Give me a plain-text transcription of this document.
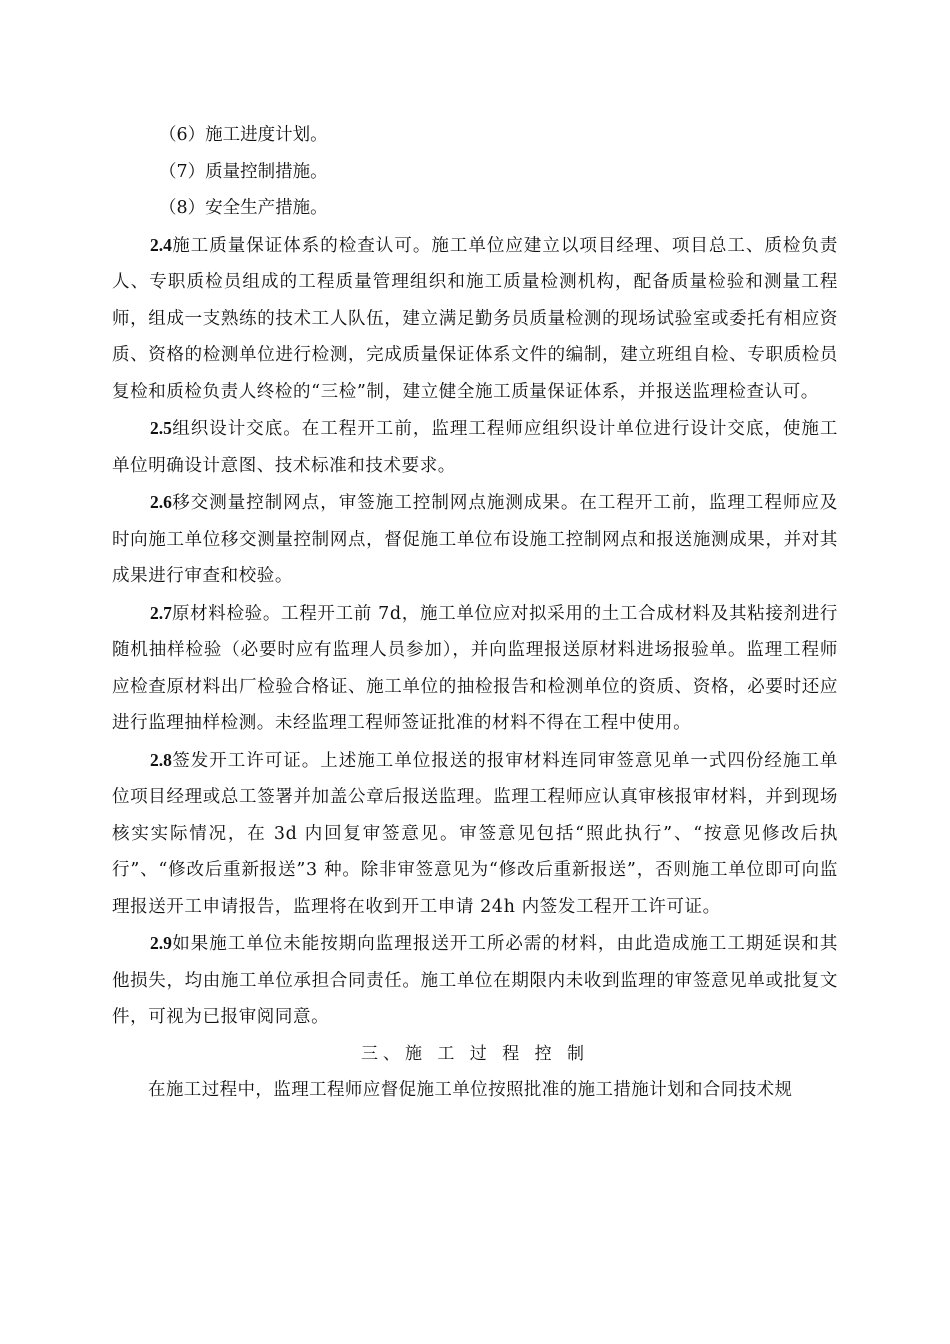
（6）施工进度计划。

（7）质量控制措施。

（8）安全生产措施。

2.4施工质量保证体系的检查认可。施工单位应建立以项目经理、项目总工、质检负责人、专职质检员组成的工程质量管理组织和施工质量检测机构，配备质量检验和测量工程师，组成一支熟练的技术工人队伍，建立满足勤务员质量检测的现场试验室或委托有相应资质、资格的检测单位进行检测，完成质量保证体系文件的编制，建立班组自检、专职质检员复检和质检负责人终检的“三检”制，建立健全施工质量保证体系，并报送监理检查认可。

2.5组织设计交底。在工程开工前，监理工程师应组织设计单位进行设计交底，使施工单位明确设计意图、技术标准和技术要求。

2.6移交测量控制网点，审签施工控制网点施测成果。在工程开工前，监理工程师应及时向施工单位移交测量控制网点，督促施工单位布设施工控制网点和报送施测成果，并对其成果进行审查和校验。

2.7原材料检验。工程开工前 7d，施工单位应对拟采用的土工合成材料及其粘接剂进行随机抽样检验（必要时应有监理人员参加），并向监理报送原材料进场报验单。监理工程师应检查原材料出厂检验合格证、施工单位的抽检报告和检测单位的资质、资格，必要时还应进行监理抽样检测。未经监理工程师签证批准的材料不得在工程中使用。

2.8签发开工许可证。上述施工单位报送的报审材料连同审签意见单一式四份经施工单位项目经理或总工签署并加盖公章后报送监理。监理工程师应认真审核报审材料，并到现场核实实际情况，在 3d 内回复审签意见。审签意见包括“照此执行”、“按意见修改后执行”、“修改后重新报送”3 种。除非审签意见为“修改后重新报送”，否则施工单位即可向监理报送开工申请报告，监理将在收到开工申请 24h 内签发工程开工许可证。

2.9如果施工单位未能按期向监理报送开工所必需的材料，由此造成施工工期延误和其他损失，均由施工单位承担合同责任。施工单位在期限内未收到监理的审签意见单或批复文件，可视为已报审阅同意。

三、施 工 过 程 控 制

在施工过程中，监理工程师应督促施工单位按照批准的施工措施计划和合同技术规
